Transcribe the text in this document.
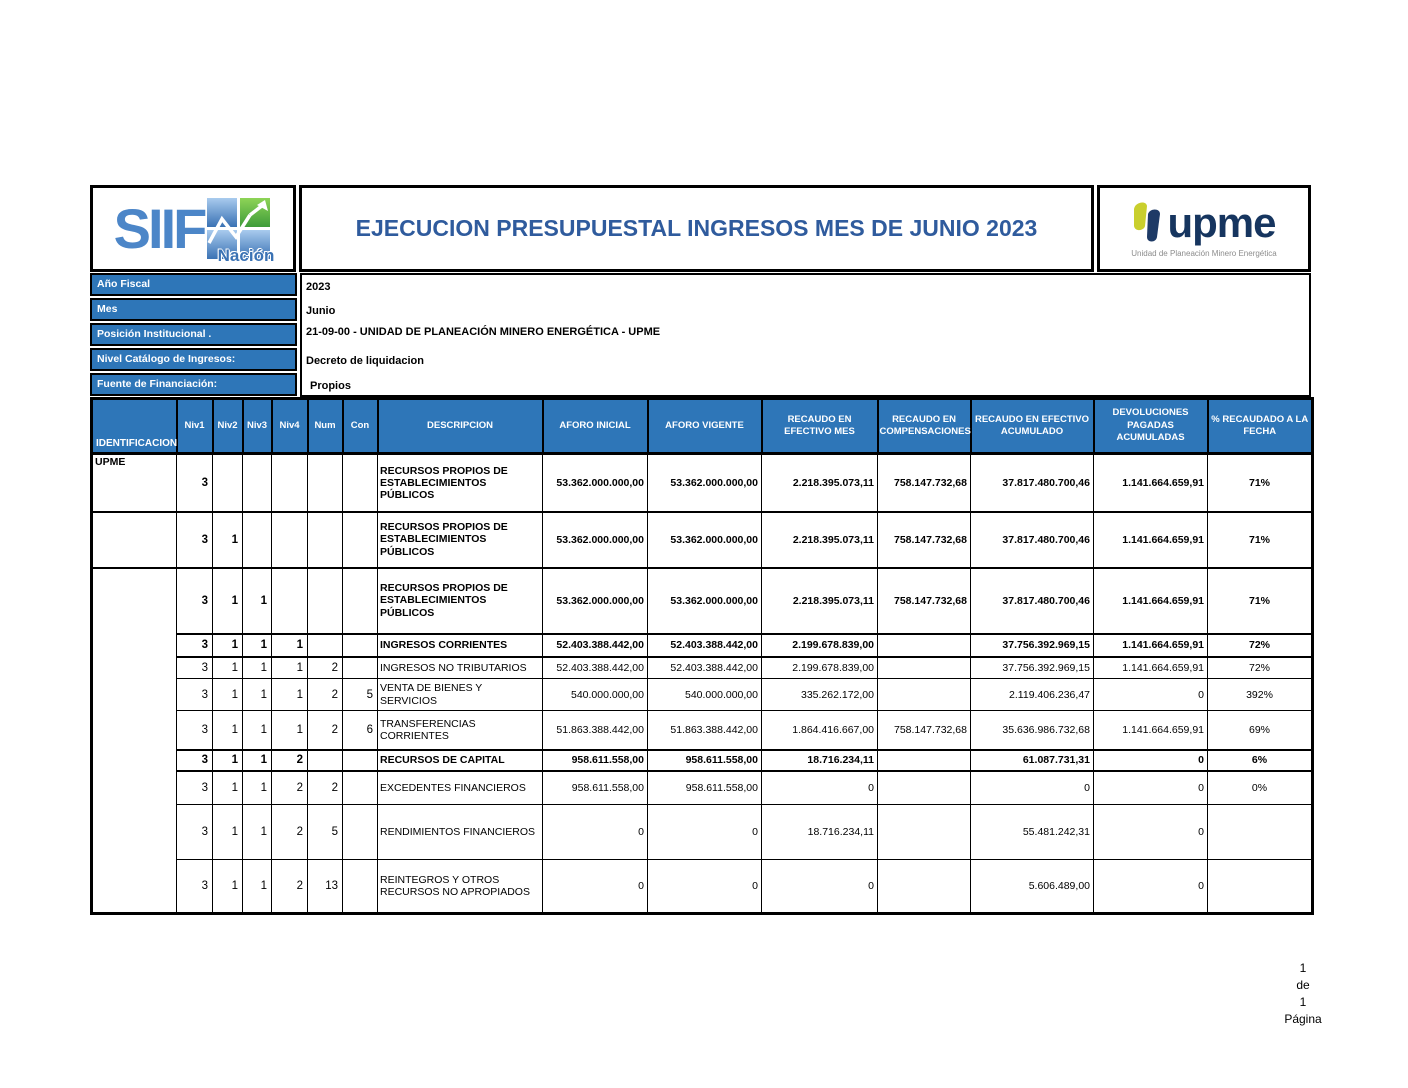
SIIF Nación
EJECUCION PRESUPUESTAL INGRESOS MES DE JUNIO 2023	upme
Unidad de Planeación Minero Energética
Año Fiscal
Mes
Posición Institucional .
Nivel Catálogo de Ingresos:
Fuente de Financiación:
2023
Junio
21-09-00 - UNIDAD DE PLANEACIÓN MINERO ENERGÉTICA - UPME
Decreto de liquidacion
Propios
IDENTIFICACION	Niv1	Niv2	Niv3	Niv4	Num	Con	DESCRIPCION	AFORO INICIAL	AFORO VIGENTE	RECAUDO EN EFECTIVO MES	RECAUDO EN COMPENSACIONES	RECAUDO EN EFECTIVO ACUMULADO	DEVOLUCIONES PAGADAS ACUMULADAS	% RECAUDADO A LA FECHA
UPME	3						RECURSOS PROPIOS DE ESTABLECIMIENTOS PÚBLICOS	53.362.000.000,00	53.362.000.000,00	2.218.395.073,11	758.147.732,68	37.817.480.700,46	1.141.664.659,91	71%
	3	1					RECURSOS PROPIOS DE ESTABLECIMIENTOS PÚBLICOS	53.362.000.000,00	53.362.000.000,00	2.218.395.073,11	758.147.732,68	37.817.480.700,46	1.141.664.659,91	71%
	3	1	1				RECURSOS PROPIOS DE ESTABLECIMIENTOS PÚBLICOS	53.362.000.000,00	53.362.000.000,00	2.218.395.073,11	758.147.732,68	37.817.480.700,46	1.141.664.659,91	71%
	3	1	1	1			INGRESOS CORRIENTES	52.403.388.442,00	52.403.388.442,00	2.199.678.839,00		37.756.392.969,15	1.141.664.659,91	72%
	3	1	1	1	2		INGRESOS NO TRIBUTARIOS	52.403.388.442,00	52.403.388.442,00	2.199.678.839,00		37.756.392.969,15	1.141.664.659,91	72%
	3	1	1	1	2	5	VENTA DE BIENES Y SERVICIOS	540.000.000,00	540.000.000,00	335.262.172,00		2.119.406.236,47	0	392%
	3	1	1	1	2	6	TRANSFERENCIAS CORRIENTES	51.863.388.442,00	51.863.388.442,00	1.864.416.667,00	758.147.732,68	35.636.986.732,68	1.141.664.659,91	69%
	3	1	1	2			RECURSOS DE CAPITAL	958.611.558,00	958.611.558,00	18.716.234,11		61.087.731,31	0	6%
	3	1	1	2	2		EXCEDENTES FINANCIEROS	958.611.558,00	958.611.558,00	0		0	0	0%
	3	1	1	2	5		RENDIMIENTOS FINANCIEROS	0	0	18.716.234,11		55.481.242,31	0	
	3	1	1	2	13		REINTEGROS Y OTROS RECURSOS NO APROPIADOS	0	0	0		5.606.489,00	0	
1
de
1
Página
